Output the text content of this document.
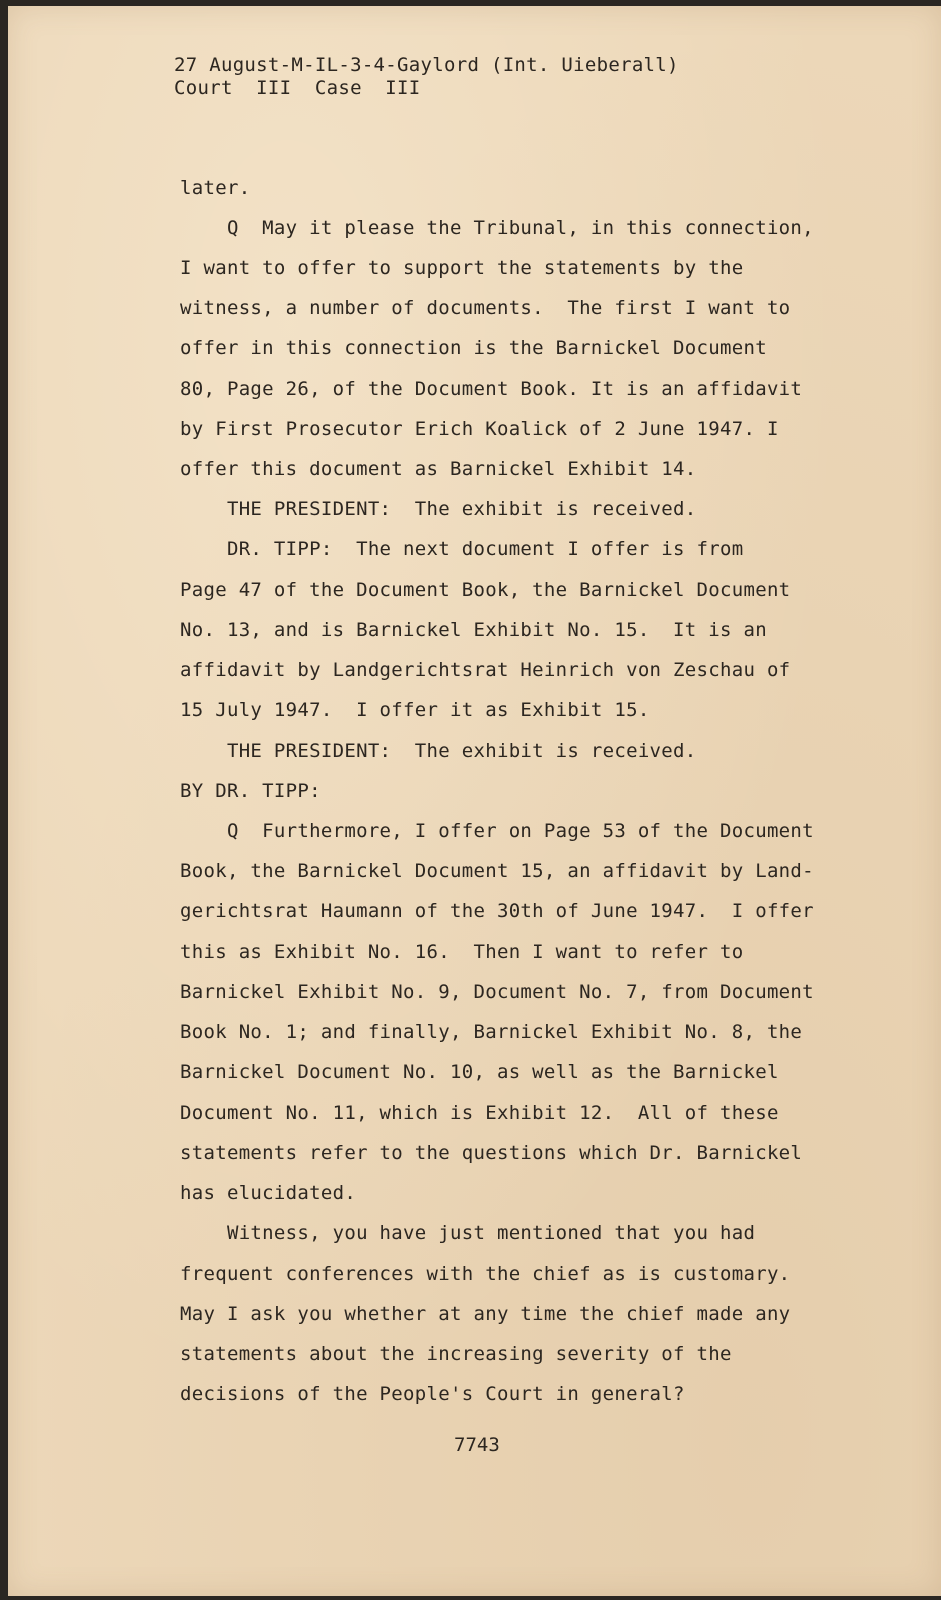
27 August-M-IL-3-4-Gaylord (Int. Uieberall)

Court  III  Case  III

later.

Q  May it please the Tribunal, in this connection,

I want to offer to support the statements by the

witness, a number of documents.  The first I want to

offer in this connection is the Barnickel Document

80, Page 26, of the Document Book. It is an affidavit

by First Prosecutor Erich Koalick of 2 June 1947. I

offer this document as Barnickel Exhibit 14.

THE PRESIDENT:  The exhibit is received.

DR. TIPP:  The next document I offer is from

Page 47 of the Document Book, the Barnickel Document

No. 13, and is Barnickel Exhibit No. 15.  It is an

affidavit by Landgerichtsrat Heinrich von Zeschau of

15 July 1947.  I offer it as Exhibit 15.

THE PRESIDENT:  The exhibit is received.

BY DR. TIPP:

Q  Furthermore, I offer on Page 53 of the Document

Book, the Barnickel Document 15, an affidavit by Land-

gerichtsrat Haumann of the 30th of June 1947.  I offer

this as Exhibit No. 16.  Then I want to refer to

Barnickel Exhibit No. 9, Document No. 7, from Document

Book No. 1; and finally, Barnickel Exhibit No. 8, the

Barnickel Document No. 10, as well as the Barnickel

Document No. 11, which is Exhibit 12.  All of these

statements refer to the questions which Dr. Barnickel

has elucidated.

Witness, you have just mentioned that you had

frequent conferences with the chief as is customary.

May I ask you whether at any time the chief made any

statements about the increasing severity of the

decisions of the People's Court in general?

7743
